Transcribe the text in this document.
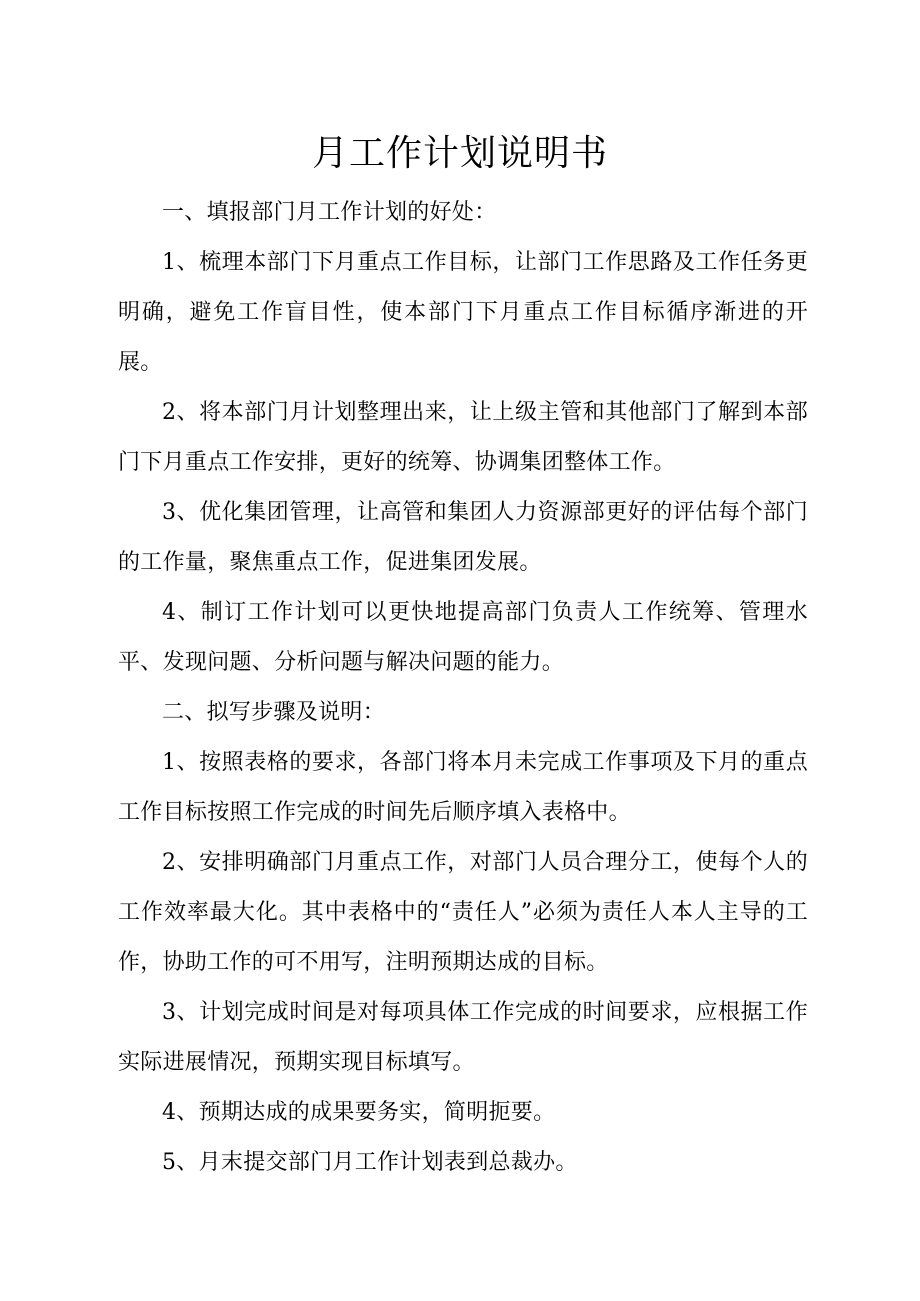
月工作计划说明书

一、填报部门月工作计划的好处：

1、梳理本部门下月重点工作目标，让部门工作思路及工作任务更明确，避免工作盲目性，使本部门下月重点工作目标循序渐进的开展。

2、将本部门月计划整理出来，让上级主管和其他部门了解到本部门下月重点工作安排，更好的统筹、协调集团整体工作。

3、优化集团管理，让高管和集团人力资源部更好的评估每个部门的工作量，聚焦重点工作，促进集团发展。

4、制订工作计划可以更快地提高部门负责人工作统筹、管理水平、发现问题、分析问题与解决问题的能力。

二、拟写步骤及说明：

1、按照表格的要求，各部门将本月未完成工作事项及下月的重点工作目标按照工作完成的时间先后顺序填入表格中。

2、安排明确部门月重点工作，对部门人员合理分工，使每个人的工作效率最大化。其中表格中的“责任人”必须为责任人本人主导的工作，协助工作的可不用写，注明预期达成的目标。

3、计划完成时间是对每项具体工作完成的时间要求，应根据工作实际进展情况，预期实现目标填写。

4、预期达成的成果要务实，简明扼要。

5、月末提交部门月工作计划表到总裁办。
